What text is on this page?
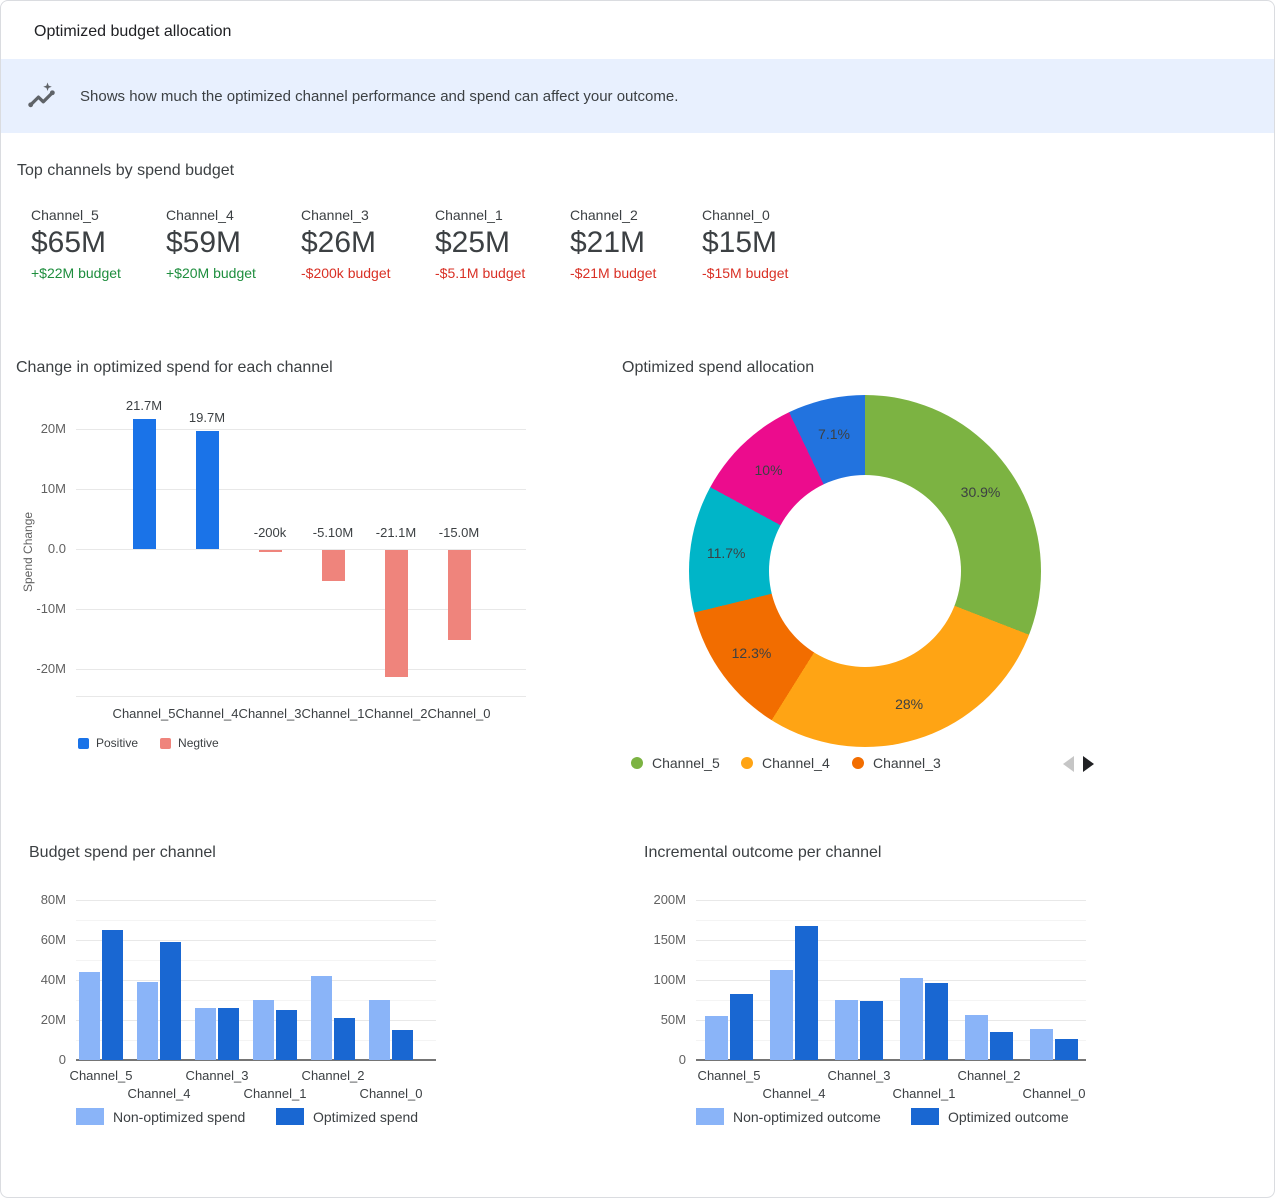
Optimized budget allocation
Shows how much the optimized channel performance and spend can affect your outcome.
Top channels by spend budget
Channel_5
$65M
+$22M budget
Channel_4
$59M
+$20M budget
Channel_3
$26M
-$200k budget
Channel_1
$25M
-$5.1M budget
Channel_2
$21M
-$21M budget
Channel_0
$15M
-$15M budget
Change in optimized spend for each channel
Spend Change
20M
10M
0.0
-10M
-20M
21.7M
Channel_5
19.7M
Channel_4
-200k
Channel_3
-5.10M
Channel_1
-21.1M
Channel_2
-15.0M
Channel_0
Positive	Negtive
Optimized spend allocation
30.9%
28%
12.3%
11.7%
10%
7.1%
Channel_5	Channel_4	Channel_3
Budget spend per channel
0
20M
40M
60M
80M
Channel_5
Channel_4
Channel_3
Channel_1
Channel_2
Channel_0
Non-optimized spend	Optimized spend
Incremental outcome per channel
0
50M
100M
150M
200M
Channel_5
Channel_4
Channel_3
Channel_1
Channel_2
Channel_0
Non-optimized outcome	Optimized outcome
